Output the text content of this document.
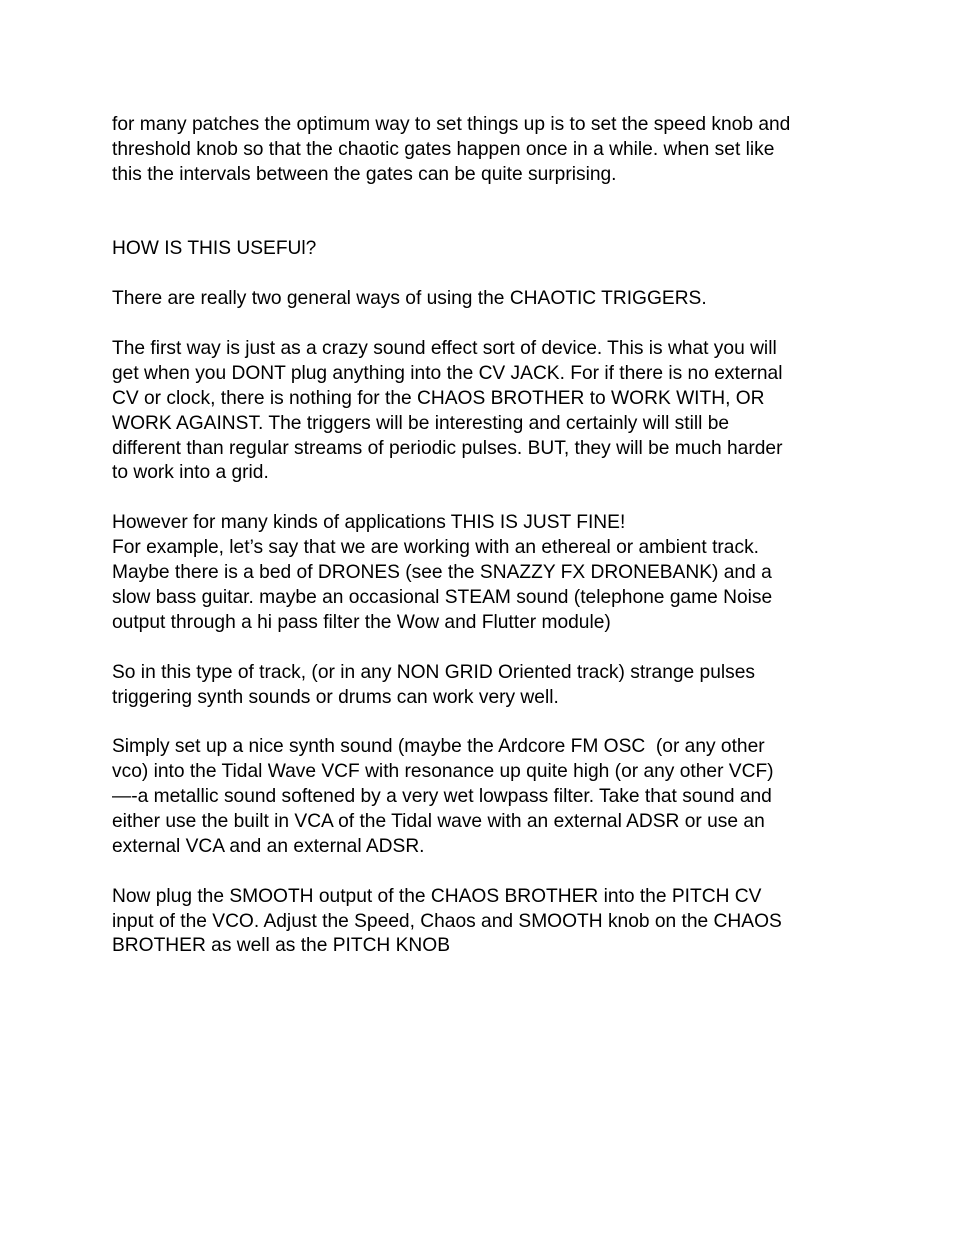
for many patches the optimum way to set things up is to set the speed knob and
threshold knob so that the chaotic gates happen once in a while. when set like
this the intervals between the gates can be quite surprising.
HOW IS THIS USEFUl?
There are really two general ways of using the CHAOTIC TRIGGERS.
The first way is just as a crazy sound effect sort of device. This is what you will
get when you DONT plug anything into the CV JACK. For if there is no external
CV or clock, there is nothing for the CHAOS BROTHER to WORK WITH, OR
WORK AGAINST. The triggers will be interesting and certainly will still be
different than regular streams of periodic pulses. BUT, they will be much harder
to work into a grid.
However for many kinds of applications THIS IS JUST FINE!
For example, let’s say that we are working with an ethereal or ambient track.
Maybe there is a bed of DRONES (see the SNAZZY FX DRONEBANK) and a
slow bass guitar. maybe an occasional STEAM sound (telephone game Noise
output through a hi pass filter the Wow and Flutter module)
So in this type of track, (or in any NON GRID Oriented track) strange pulses
triggering synth sounds or drums can work very well.
Simply set up a nice synth sound (maybe the Ardcore FM OSC  (or any other
vco) into the Tidal Wave VCF with resonance up quite high (or any other VCF)
—-a metallic sound softened by a very wet lowpass filter. Take that sound and
either use the built in VCA of the Tidal wave with an external ADSR or use an
external VCA and an external ADSR.
Now plug the SMOOTH output of the CHAOS BROTHER into the PITCH CV
input of the VCO. Adjust the Speed, Chaos and SMOOTH knob on the CHAOS
BROTHER as well as the PITCH KNOB
